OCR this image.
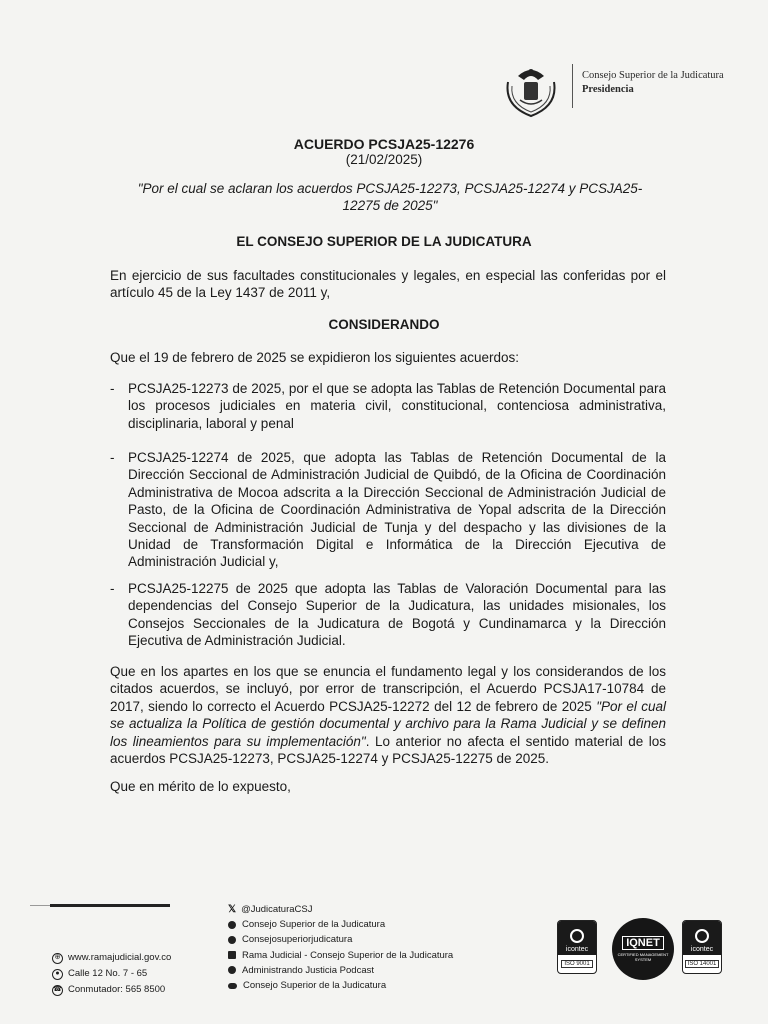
Consejo Superior de la Judicatura
Presidencia
ACUERDO PCSJA25-12276
(21/02/2025)
"Por el cual se aclaran los acuerdos PCSJA25-12273, PCSJA25-12274 y PCSJA25-12275 de 2025"
EL CONSEJO SUPERIOR DE LA JUDICATURA
En ejercicio de sus facultades constitucionales y legales, en especial las conferidas por el artículo 45 de la Ley 1437 de 2011 y,
CONSIDERANDO
Que el 19 de febrero de 2025 se expidieron los siguientes acuerdos:
-	PCSJA25-12273 de 2025, por el que se adopta las Tablas de Retención Documental para los procesos judiciales en materia civil, constitucional, contenciosa administrativa, disciplinaria, laboral y penal
-	PCSJA25-12274 de 2025, que adopta las Tablas de Retención Documental de la Dirección Seccional de Administración Judicial de Quibdó, de la Oficina de Coordinación Administrativa de Mocoa adscrita a la Dirección Seccional de Administración Judicial de Pasto, de la Oficina de Coordinación Administrativa de Yopal adscrita de la Dirección Seccional de Administración Judicial de Tunja y del despacho y las divisiones de la Unidad de Transformación Digital e Informática de la Dirección Ejecutiva de Administración Judicial y,
-	PCSJA25-12275 de 2025 que adopta las Tablas de Valoración Documental para las dependencias del Consejo Superior de la Judicatura, las unidades misionales, los Consejos Seccionales de la Judicatura de Bogotá y Cundinamarca y la Dirección Ejecutiva de Administración Judicial.
Que en los apartes en los que se enuncia el fundamento legal y los considerandos de los citados acuerdos, se incluyó, por error de transcripción, el Acuerdo PCSJA17-10784 de 2017, siendo lo correcto el Acuerdo PCSJA25-12272 del 12 de febrero de 2025 "Por el cual se actualiza la Política de gestión documental y archivo para la Rama Judicial y se definen los lineamientos para su implementación". Lo anterior no afecta el sentido material de los acuerdos PCSJA25-12273, PCSJA25-12274 y PCSJA25-12275 de 2025.
Que en mérito de lo expuesto,
⊕ www.ramajudicial.gov.co
● Calle 12 No. 7 - 65
☎ Conmutador: 565 8500
𝕏 @JudicaturaCSJ
Consejo Superior de la Judicatura
Consejosuperiorjudicatura
Rama Judicial - Consejo Superior de la Judicatura
Administrando Justicia Podcast
Consejo Superior de la Judicatura
icontec
ISO 9001
IQNET
CERTIFIED MANAGEMENT SYSTEM
icontec
ISO 14001
